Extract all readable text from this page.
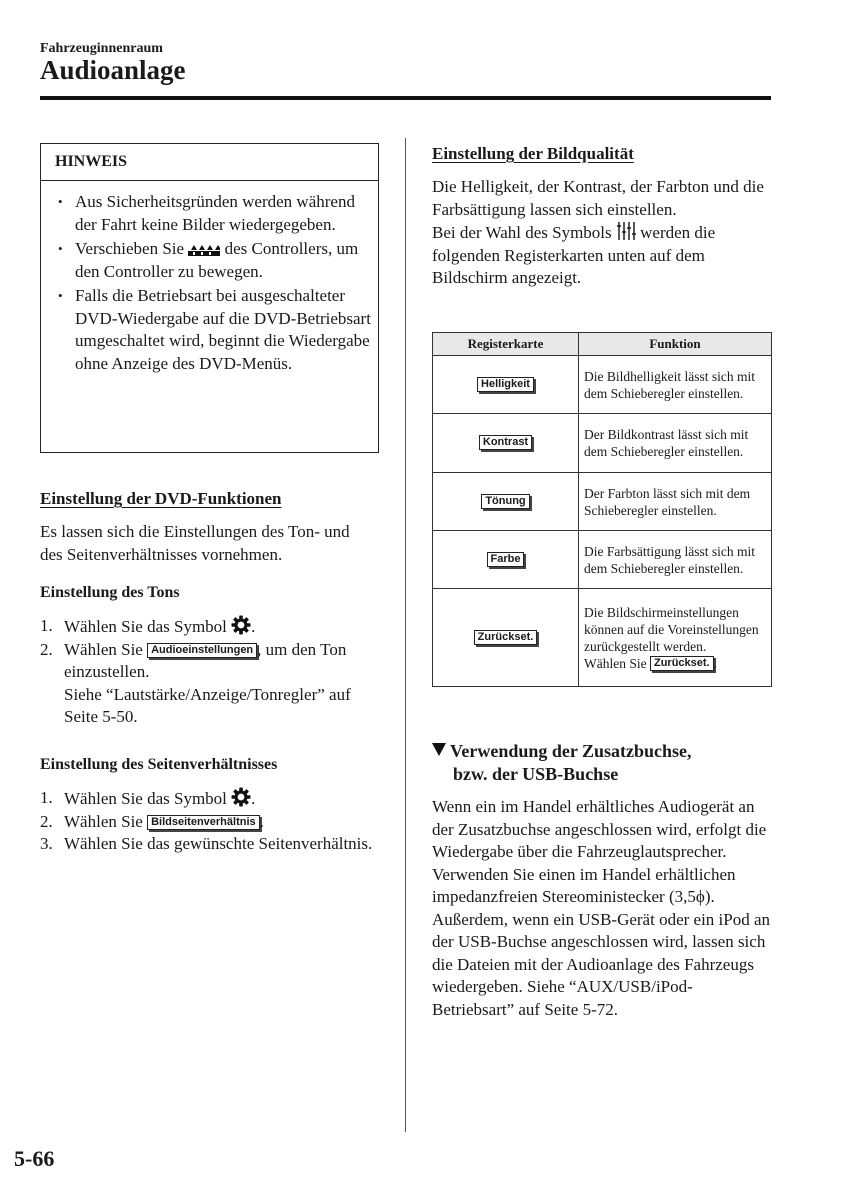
Fahrzeuginnenraum
Audioanlage
HINWEIS
• Aus Sicherheitsgründen werden während der Fahrt keine Bilder wiedergegeben.
• Verschieben Sie des Controllers, um den Controller zu bewegen.
• Falls die Betriebsart bei ausgeschalteter DVD-Wiedergabe auf die DVD-Betriebsart umgeschaltet wird, beginnt die Wiedergabe ohne Anzeige des DVD-Menüs.
Einstellung der DVD-Funktionen
Es lassen sich die Einstellungen des Ton- und des Seitenverhältnisses vornehmen.
Einstellung des Tons
1. Wählen Sie das Symbol .
2. Wählen Sie Audioeinstellungen , um den Ton einzustellen.
Siehe “Lautstärke/Anzeige/Tonregler” auf Seite 5-50.
Einstellung des Seitenverhältnisses
1. Wählen Sie das Symbol .
2. Wählen Sie Bildseitenverhältnis .
3. Wählen Sie das gewünschte Seitenverhältnis.
Einstellung der Bildqualität
Die Helligkeit, der Kontrast, der Farbton und die Farbsättigung lassen sich einstellen.
Bei der Wahl des Symbols werden die folgenden Registerkarten unten auf dem Bildschirm angezeigt.
Registerkarte	Funktion
Helligkeit	Die Bildhelligkeit lässt sich mit dem Schieberegler einstellen.
Kontrast	Der Bildkontrast lässt sich mit dem Schieberegler einstellen.
Tönung	Der Farbton lässt sich mit dem Schieberegler einstellen.
Farbe	Die Farbsättigung lässt sich mit dem Schieberegler einstellen.
Zurückset.	Die Bildschirmeinstellungen können auf die Voreinstellungen zurückgestellt werden.
Wählen Sie Zurückset. .
Verwendung der Zusatzbuchse,
bzw. der USB-Buchse
Wenn ein im Handel erhältliches Audiogerät an der Zusatzbuchse angeschlossen wird, erfolgt die Wiedergabe über die Fahrzeuglautsprecher. Verwenden Sie einen im Handel erhältlichen impedanzfreien Stereoministecker (3,5ϕ).
Außerdem, wenn ein USB-Gerät oder ein iPod an der USB-Buchse angeschlossen wird, lassen sich die Dateien mit der Audioanlage des Fahrzeugs wiedergeben. Siehe “AUX/USB/iPod-Betriebsart” auf Seite 5-72.
5-66
